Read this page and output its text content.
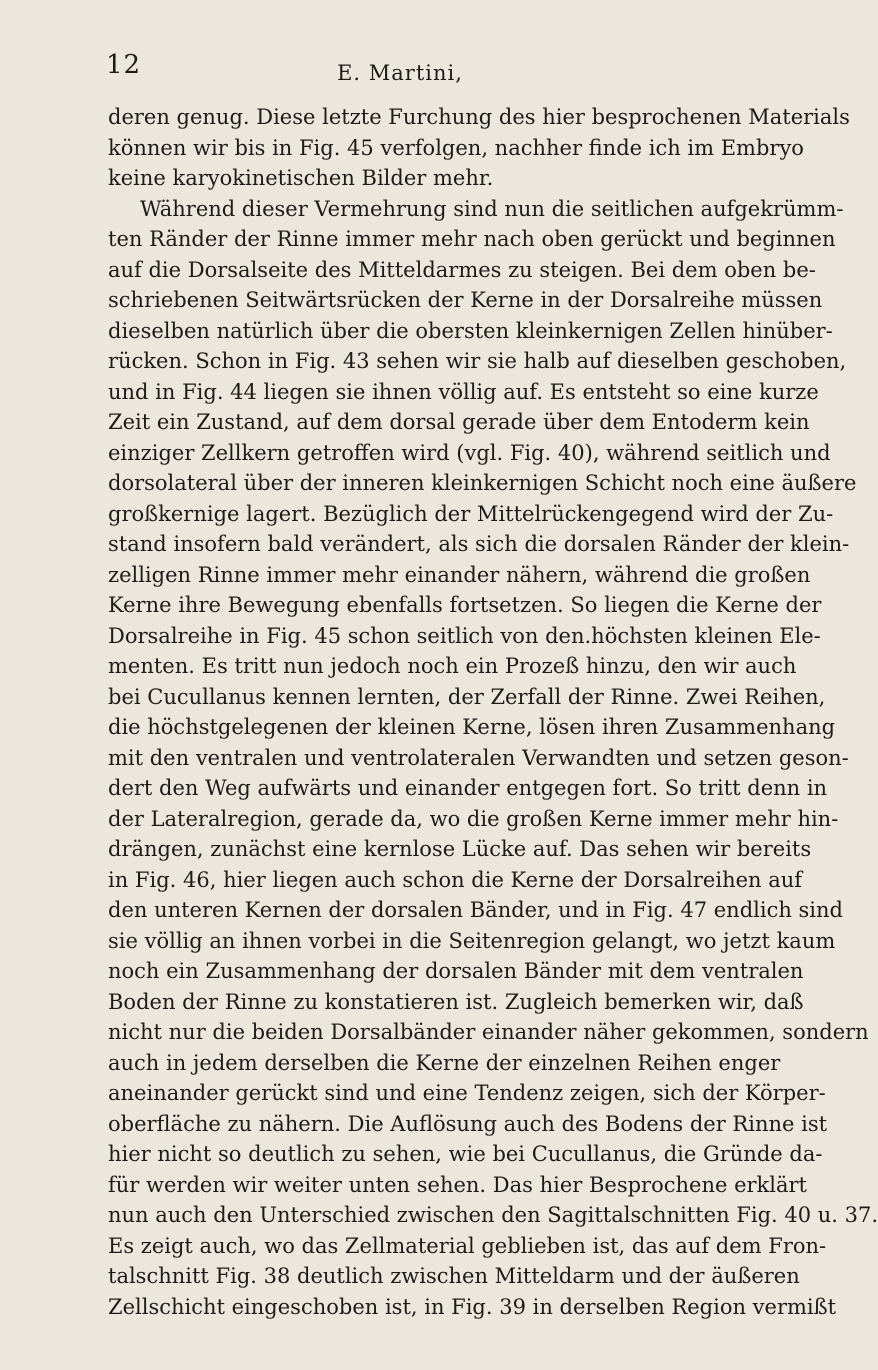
12	E. Martini,
deren genug. Diese letzte Furchung des hier besprochenen Materials
können wir bis in Fig. 45 verfolgen, nachher finde ich im Embryo
keine karyokinetischen Bilder mehr.
Während dieser Vermehrung sind nun die seitlichen aufgekrümm-
ten Ränder der Rinne immer mehr nach oben gerückt und beginnen
auf die Dorsalseite des Mitteldarmes zu steigen. Bei dem oben be-
schriebenen Seitwärtsrücken der Kerne in der Dorsalreihe müssen
dieselben natürlich über die obersten kleinkernigen Zellen hinüber-
rücken. Schon in Fig. 43 sehen wir sie halb auf dieselben geschoben,
und in Fig. 44 liegen sie ihnen völlig auf. Es entsteht so eine kurze
Zeit ein Zustand, auf dem dorsal gerade über dem Entoderm kein
einziger Zellkern getroffen wird (vgl. Fig. 40), während seitlich und
dorsolateral über der inneren kleinkernigen Schicht noch eine äußere
großkernige lagert. Bezüglich der Mittelrückengegend wird der Zu-
stand insofern bald verändert, als sich die dorsalen Ränder der klein-
zelligen Rinne immer mehr einander nähern, während die großen
Kerne ihre Bewegung ebenfalls fortsetzen. So liegen die Kerne der
Dorsalreihe in Fig. 45 schon seitlich von den.höchsten kleinen Ele-
menten. Es tritt nun jedoch noch ein Prozeß hinzu, den wir auch
bei Cucullanus kennen lernten, der Zerfall der Rinne. Zwei Reihen,
die höchstgelegenen der kleinen Kerne, lösen ihren Zusammenhang
mit den ventralen und ventrolateralen Verwandten und setzen geson-
dert den Weg aufwärts und einander entgegen fort. So tritt denn in
der Lateralregion, gerade da, wo die großen Kerne immer mehr hin-
drängen, zunächst eine kernlose Lücke auf. Das sehen wir bereits
in Fig. 46, hier liegen auch schon die Kerne der Dorsalreihen auf
den unteren Kernen der dorsalen Bänder, und in Fig. 47 endlich sind
sie völlig an ihnen vorbei in die Seitenregion gelangt, wo jetzt kaum
noch ein Zusammenhang der dorsalen Bänder mit dem ventralen
Boden der Rinne zu konstatieren ist. Zugleich bemerken wir, daß
nicht nur die beiden Dorsalbänder einander näher gekommen, sondern
auch in jedem derselben die Kerne der einzelnen Reihen enger
aneinander gerückt sind und eine Tendenz zeigen, sich der Körper-
oberfläche zu nähern. Die Auflösung auch des Bodens der Rinne ist
hier nicht so deutlich zu sehen, wie bei Cucullanus, die Gründe da-
für werden wir weiter unten sehen. Das hier Besprochene erklärt
nun auch den Unterschied zwischen den Sagittalschnitten Fig. 40 u. 37.
Es zeigt auch, wo das Zellmaterial geblieben ist, das auf dem Fron-
talschnitt Fig. 38 deutlich zwischen Mitteldarm und der äußeren
Zellschicht eingeschoben ist, in Fig. 39 in derselben Region vermißt
